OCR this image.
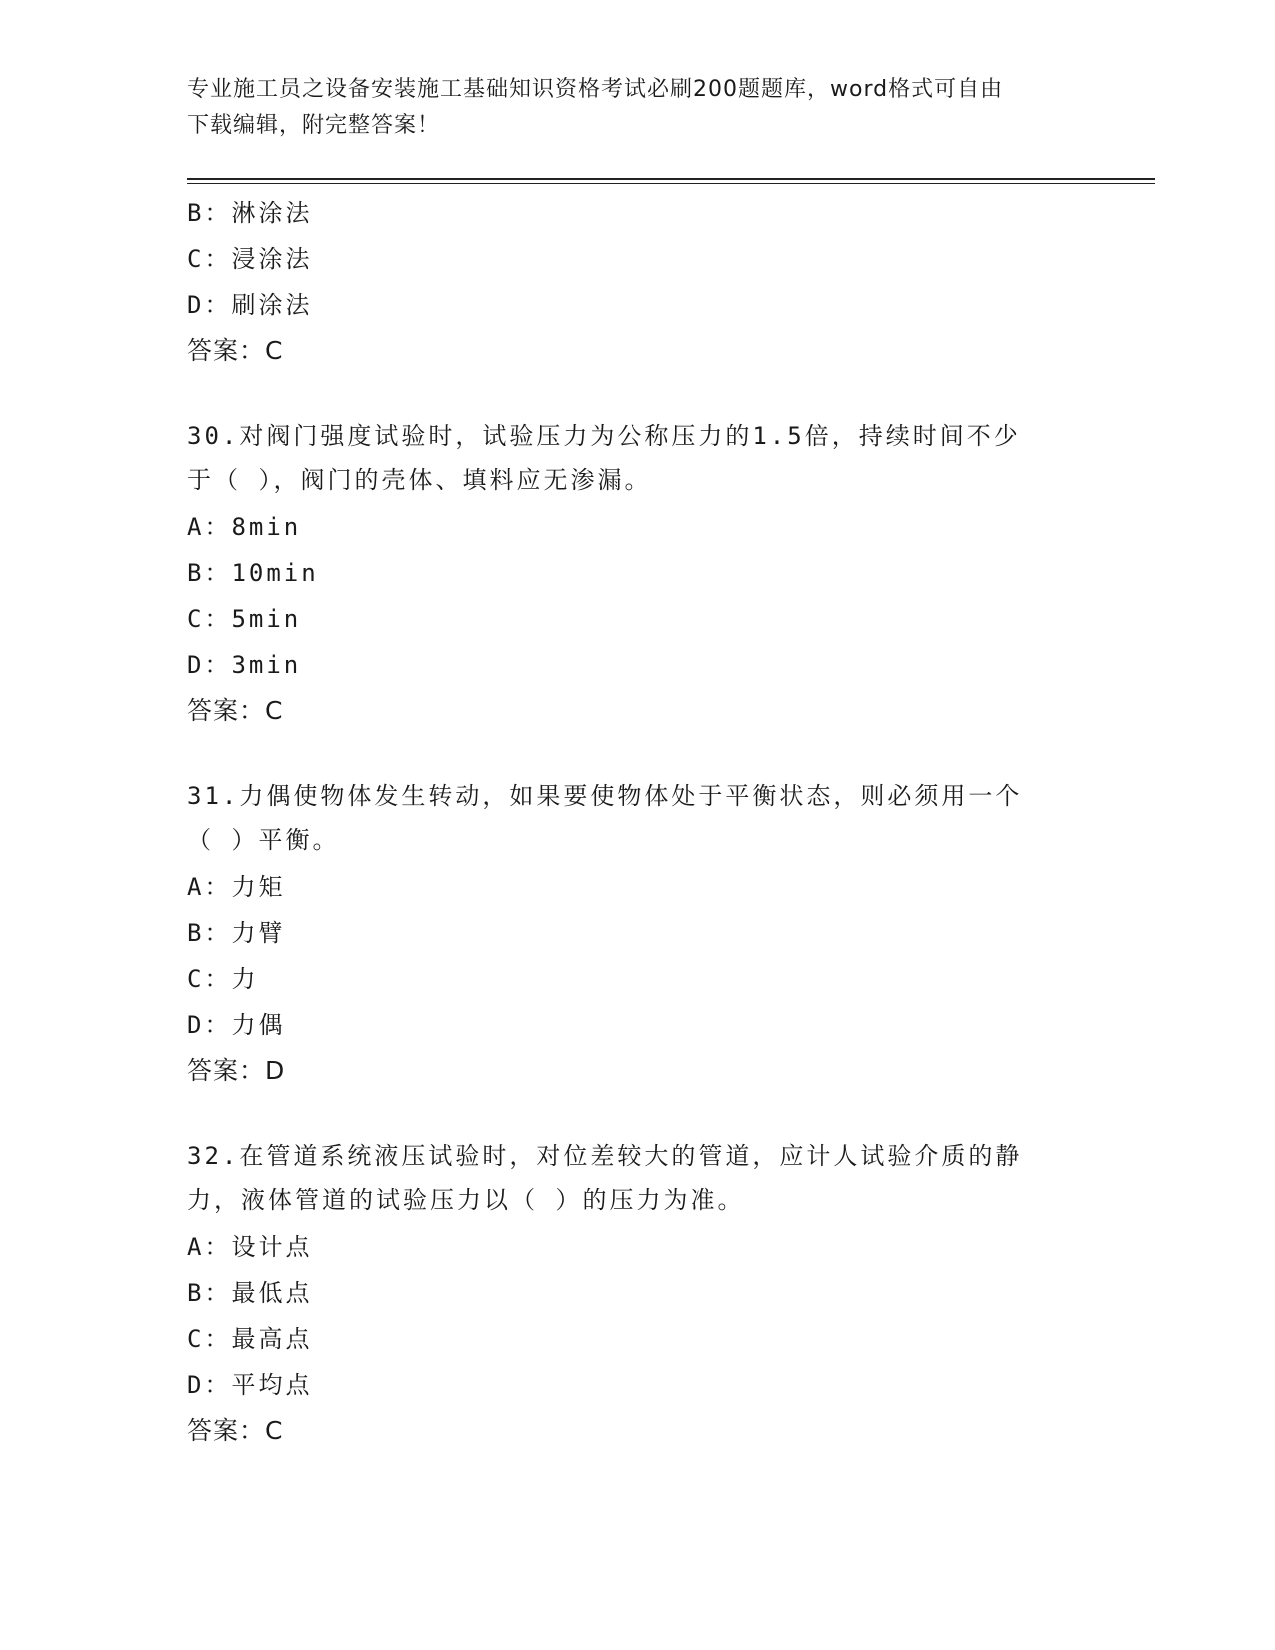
专业施工员之设备安装施工基础知识资格考试必刷200题题库，word格式可自由
下载编辑，附完整答案！
B：淋涂法
C：浸涂法
D：刷涂法
答案：C
30.对阀门强度试验时，试验压力为公称压力的1.5倍，持续时间不少
于（ ），阀门的壳体、填料应无渗漏。
A：8min
B：10min
C：5min
D：3min
答案：C
31.力偶使物体发生转动，如果要使物体处于平衡状态，则必须用一个
（ ）平衡。
A：力矩
B：力臂
C：力
D：力偶
答案：D
32.在管道系统液压试验时，对位差较大的管道，应计人试验介质的静
力，液体管道的试验压力以（ ）的压力为准。
A：设计点
B：最低点
C：最高点
D：平均点
答案：C
